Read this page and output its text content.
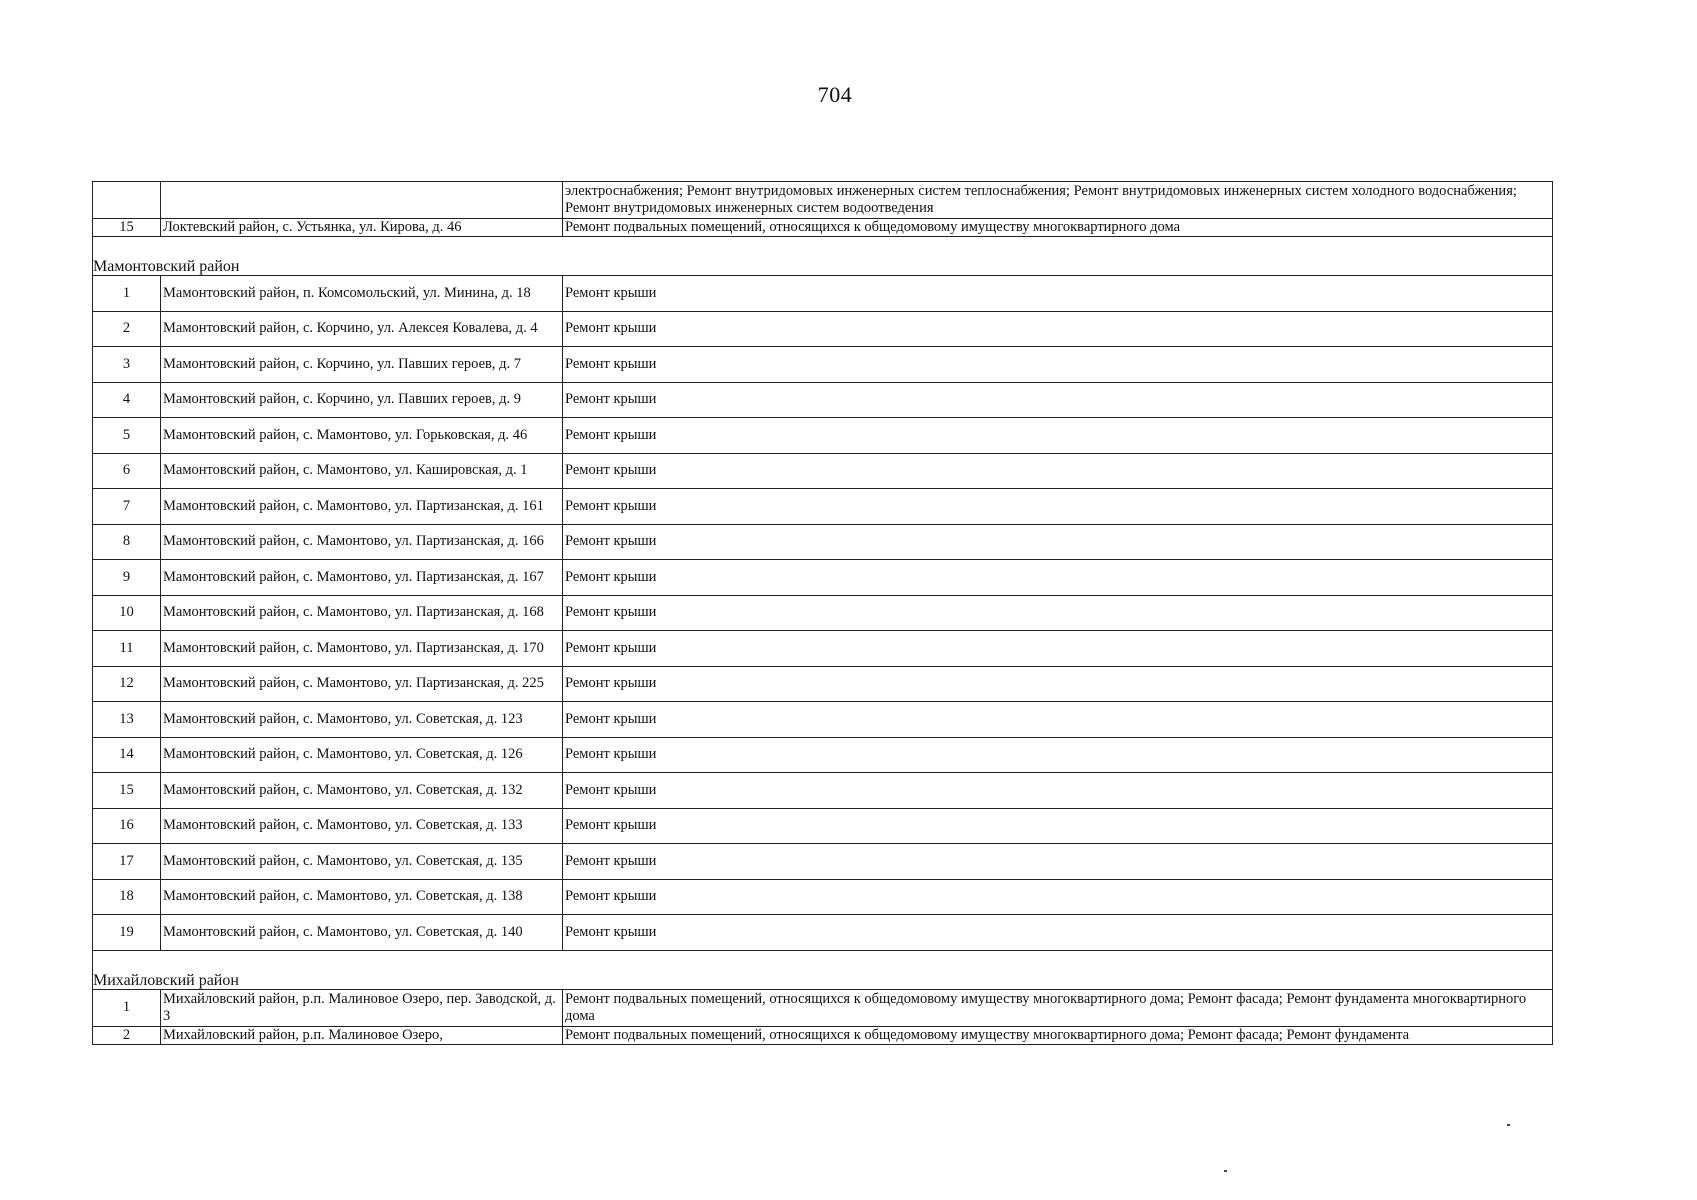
704
		электроснабжения; Ремонт внутридомовых инженерных систем теплоснабжения; Ремонт внутридомовых инженерных систем холодного водоснабжения; Ремонт внутридомовых инженерных систем водоотведения
15	Локтевский район, с. Устьянка, ул. Кирова, д. 46	Ремонт подвальных помещений, относящихся к общедомовому имуществу многоквартирного дома

Мамонтовский район		

1	Мамонтовский район, п. Комсомольский, ул. Минина, д. 18	Ремонт крыши
2	Мамонтовский район, с. Корчино, ул. Алексея Ковалева, д. 4	Ремонт крыши
3	Мамонтовский район, с. Корчино, ул. Павших героев, д. 7	Ремонт крыши
4	Мамонтовский район, с. Корчино, ул. Павших героев, д. 9	Ремонт крыши
5	Мамонтовский район, с. Мамонтово, ул. Горьковская, д. 46	Ремонт крыши
6	Мамонтовский район, с. Мамонтово, ул. Кашировская, д. 1	Ремонт крыши
7	Мамонтовский район, с. Мамонтово, ул. Партизанская, д. 161	Ремонт крыши
8	Мамонтовский район, с. Мамонтово, ул. Партизанская, д. 166	Ремонт крыши
9	Мамонтовский район, с. Мамонтово, ул. Партизанская, д. 167	Ремонт крыши
10	Мамонтовский район, с. Мамонтово, ул. Партизанская, д. 168	Ремонт крыши
11	Мамонтовский район, с. Мамонтово, ул. Партизанская, д. 170	Ремонт крыши
12	Мамонтовский район, с. Мамонтово, ул. Партизанская, д. 225	Ремонт крыши
13	Мамонтовский район, с. Мамонтово, ул. Советская, д. 123	Ремонт крыши
14	Мамонтовский район, с. Мамонтово, ул. Советская, д. 126	Ремонт крыши
15	Мамонтовский район, с. Мамонтово, ул. Советская, д. 132	Ремонт крыши
16	Мамонтовский район, с. Мамонтово, ул. Советская, д. 133	Ремонт крыши
17	Мамонтовский район, с. Мамонтово, ул. Советская, д. 135	Ремонт крыши
18	Мамонтовский район, с. Мамонтово, ул. Советская, д. 138	Ремонт крыши
19	Мамонтовский район, с. Мамонтово, ул. Советская, д. 140	Ремонт крыши

Михайловский район		

1	Михайловский район, р.п. Малиновое Озеро, пер. Заводской, д. 3	Ремонт подвальных помещений, относящихся к общедомовому имуществу многоквартирного дома; Ремонт фасада; Ремонт фундамента многоквартирного дома
2	Михайловский район, р.п. Малиновое Озеро,	Ремонт подвальных помещений, относящихся к общедомовому имуществу многоквартирного дома; Ремонт фасада; Ремонт фундамента
